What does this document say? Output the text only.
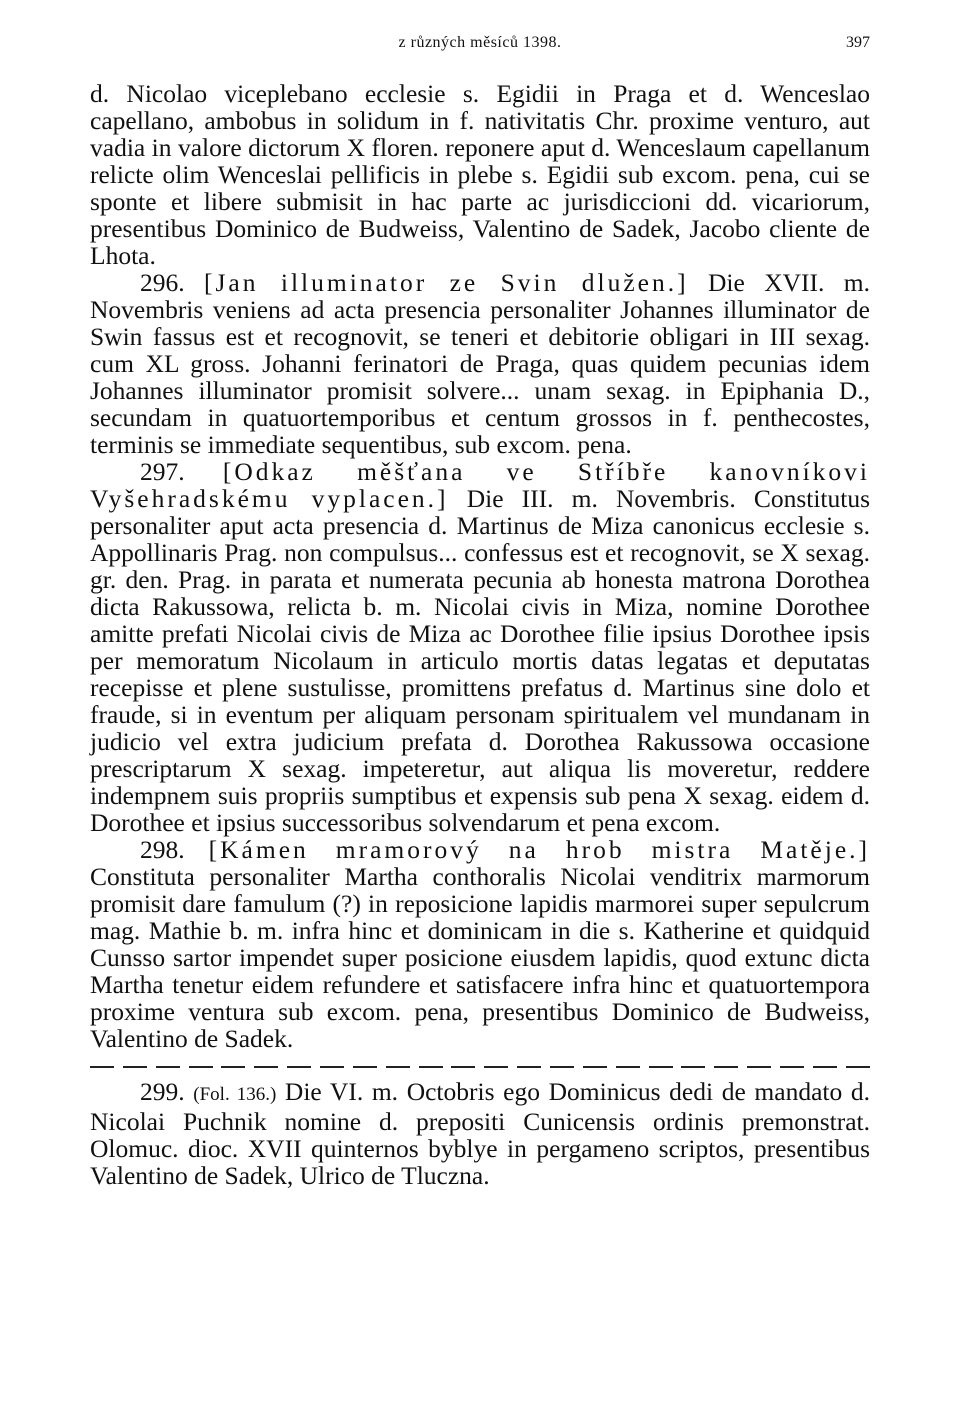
z různých měsíců 1398.	397

d. Nicolao viceplebano ecclesie s. Egidii in Praga et d. Wenceslao capellano, ambobus in solidum in f. nativitatis Chr. proxime venturo, aut vadia in valore dictorum X floren. reponere aput d. Wenceslaum capellanum relicte olim Wenceslai pellificis in plebe s. Egidii sub excom. pena, cui se sponte et libere submisit in hac parte ac jurisdiccioni dd. vicariorum, presentibus Dominico de Budweiss, Valentino de Sadek, Jacobo cliente de Lhota.

296. [Jan illuminator ze Svin dlužen.] Die XVII. m. Novembris veniens ad acta presencia personaliter Johannes illuminator de Swin fassus est et recognovit, se teneri et debitorie obligari in III sexag. cum XL gross. Johanni ferinatori de Praga, quas quidem pecunias idem Johannes illuminator promisit solvere... unam sexag. in Epiphania D., secundam in quatuortemporibus et centum grossos in f. penthecostes, terminis se immediate sequentibus, sub excom. pena.

297. [Odkaz měšťana ve Stříbře kanovníkovi Vyšehradskému vyplacen.] Die III. m. Novembris. Constitutus personaliter aput acta presencia d. Martinus de Miza canonicus ecclesie s. Appollinaris Prag. non compulsus... confessus est et recognovit, se X sexag. gr. den. Prag. in parata et numerata pecunia ab honesta matrona Dorothea dicta Rakussowa, relicta b. m. Nicolai civis in Miza, nomine Dorothee amitte prefati Nicolai civis de Miza ac Dorothee filie ipsius Dorothee ipsis per memoratum Nicolaum in articulo mortis datas legatas et deputatas recepisse et plene sustulisse, promittens prefatus d. Martinus sine dolo et fraude, si in eventum per aliquam personam spiritualem vel mundanam in judicio vel extra judicium prefata d. Dorothea Rakussowa occasione prescriptarum X sexag. impeteretur, aut aliqua lis moveretur, reddere indempnem suis propriis sumptibus et expensis sub pena X sexag. eidem d. Dorothee et ipsius successoribus solvendarum et pena excom.

298. [Kámen mramorový na hrob mistra Matěje.] Constituta personaliter Martha conthoralis Nicolai venditrix marmorum promisit dare famulum (?) in reposicione lapidis marmorei super sepulcrum mag. Mathie b. m. infra hinc et dominicam in die s. Katherine et quidquid Cunsso sartor impendet super posicione eiusdem lapidis, quod extunc dicta Martha tenetur eidem refundere et satisfacere infra hinc et quatuortempora proxime ventura sub excom. pena, presentibus Dominico de Budweiss, Valentino de Sadek.

299. (Fol. 136.) Die VI. m. Octobris ego Dominicus dedi de mandato d. Nicolai Puchnik nomine d. prepositi Cunicensis ordinis premonstrat. Olomuc. dioc. XVII quinternos byblye in pergameno scriptos, presentibus Valentino de Sadek, Ulrico de Tluczna.
